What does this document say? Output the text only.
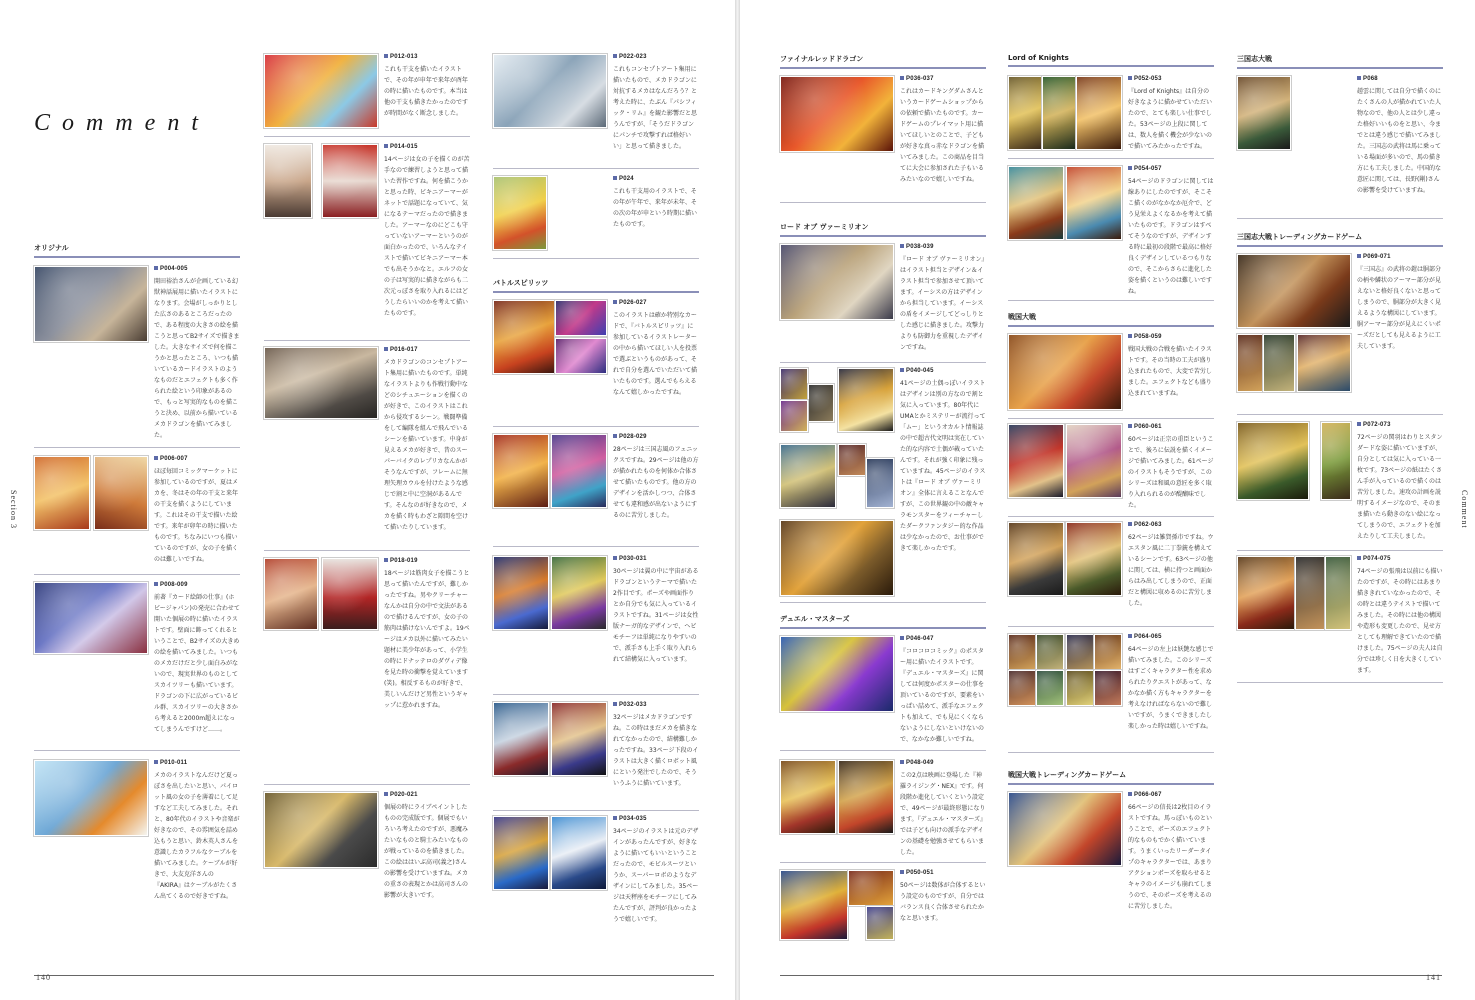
Comment
Section 3
140
オリジナル
P004-005

開田裕治さんが企画している幻獣神話展用に描いたイラストになります。会場がしっかりとした広さのあるところだったので、ある程度の大きさの絵を描こうと思ってB2サイズで描きました。大きなサイズで何を描こうかと思ったところ、いつも描いているカードイラストのようなものだとエフェクトも多く作られた絵という印象があるので、もっと写実的なものを描こうと決め、以前から描いているメカドラゴンを描いてみました。

P006-007

ほぼ毎回コミックマーケットに参加しているのですが、夏はメカを、冬はその年の干支と来年の干支を描くようにしています。これはその干支で描いた絵です。来年が卯年の時に描いたものです。ちなみにいつも描いているのですが、女の子を描くのは難しいですね。

P008-009

前著『カード絵師の仕事』(ホビージャパン)の発売に合わせて開いた個展の時に描いたイラストです。壁面に飾ってくれるということで、B2サイズの大きめの絵を描いてみました。いつものメカだけだと少し面白みがないので、現実世界のものとしてスカイツリーも描いています。ドラゴンの下に広がっているビル群、スカイツリーの大きさから考えると2000m超えになってしまうんですけど……。

P010-011

メカのイラストなんだけど夏っぽさを出したいと思い、パイロット風の女の子を薄着にして足すなど工夫してみました。それと、80年代のイラストや音楽が好きなので、その雰囲気を詰め込もうと思い、鈴木英人さんを意識したカラフルなケーブルを描いてみました。ケーブルが好きで、大友克洋さんの『AKIRA』はケーブルがたくさん出てくるので好きですね。

P012-013

これも干支を描いたイラストで、その年が申年で来年が酉年の時に描いたものです。本当は他の干支も描きたかったのですが時間がなく断念しました。

P014-015

14ページは女の子を描くのが苦手なので練習しようと思って描いた習作ですね。何を描こうかと思った時、ビキニアーマーがネットで話題になっていて、気になるテーマだったので描きました。アーマーなのにどこも守っていないアーマーというのが面白かったので、いろんなテイストで描いてビキニアーマー本でも出そうかなと。エルフの女の子は写実的に描きながらも二次元っぽさを取り入れるにはどうしたらいいのかを考えて描いたものです。

P016-017

メカドラゴンのコンセプトアート集用に描いたものです。単純なイラストよりも作戦行動中などのシチュエーションを描くのが好きで、このイラストはこれから侵攻するシーン。戦闘準備をして編隊を組んで飛んでいるシーンを描いています。中身が見えるメカが好きで、昔のスーパーバイクのレプリカなんかがそうなんですが、フレームに無理矢理カウルを付けたような感じで割と中に空洞があるんです。そんなのが好きなので、メカを描く時もわざと隙間を空けて描いたりしています。

P018-019

18ページは筋肉女子を描こうと思って描いたんですが、難しかったですね。男やクリーチャーなんかは自分の中で文法があるので描けるんですが、女の子の筋肉は描けないんですよ。19ページはメカ以外に描いてみたい題材に美少年があって、小学生の時にドナッテロのダヴィデ像を見た時の衝撃を覚えています(笑)。相反するものが好きで、美しいんだけど男性というギャップに惹かれますね。

P020-021

個展の時にライブペイントしたものの完成版です。個展でもいろいろ考えたのですが、悪魔みたいなものと騎士みたいなものが戦っているのを描きました。この絵ははいぶ高司(義之)さんの影響を受けていますね。メカの重さの表現とかは高司さんの影響が大きいです。

P022-023

これもコンセプトアート集用に描いたもので、メカドラゴンに対抗するメカはなんだろう？と考えた時に、たぶん『パシフィック・リム』を観た影響だと思うんですが、「そうだドラゴンにパンチで攻撃すれば格好いい」と思って描きました。

P024

これも干支用のイラストで、その年が午年で、来年が未年、その次の年が申という時期に描いたものです。

バトルスピリッツ
P026-027

このイラストは確か特別なカードで、『バトルスピリッツ』に参加しているイラストレーターの中から描いてほしい人を投票で選ぶというものがあって、それで自分を選んでいただいて描いたものです。選んでもらえるなんて嬉しかったですね。

P028-029

28ページは三国志風のフェニックスですね。29ページは他の方が描かれたものを何体か合体させて描いたものです。他の方のデザインを活かしつつ、合体させても違和感が出ないようにするのに苦労しました。

P030-031

30ページは翼の中に宇宙があるドラゴンというテーマで描いた2作目です。ポーズや画面作りとか自分でも気に入っているイラストですね。31ページは女性版ナーガ的なデザインで、ヘビモチーフは単純になりやすいので、派手さも上手く取り入れられて結構気に入っています。

P032-033

32ページはメカドラゴンですね。この時はまだメカを描きなれてなかったので、結構難しかったですね。33ページ下段のイラストは大きく描くロボット風にという発注でしたので、そういうふうに描いています。

P034-035

34ページのイラストは元のデザインがあったんですが、好きなように描いてもいいということだったので、モビルスーツというか、スーパーロボのようなデザインにしてみました。35ページは天秤座をモチーフにしてみたんですが、評判が良かったようで嬉しいです。

Comment
141
ファイナルレッドドラゴン
P036-037

これはカードキングダムさんというカードゲームショップからの依頼で描いたものです。カードゲームのプレイマット用に描いてほしいとのことで、子どもが好きな真っ赤なドラゴンを描いてみました。この商品を目当てに大会に参加された子もいるみたいなので嬉しいですね。

ロード オブ ヴァーミリオン
P038-039

『ロード オブ ヴァーミリオン』はイラスト担当とデザイン＆イラスト担当で参加させて頂いてます。イーシスの方はデザインから担当しています。イーシスの盾をイメージしてどっしりとした感じに描きました。攻撃力よりも防御力を重視したデザインですね。

P040-045

41ページの土偶っぽいイラストはデザインは別の方なので割と気に入っています。80年代にUMAとかミステリーが流行って「ムー」というオカルト情報誌の中で超古代文明は実在していた的な内容で土偶が載っていたんです。それが強く印象に残っていますね。45ページのイラストは『ロード オブ ヴァーミリオン』全体に言えることなんですが、この世界観の中の敵キャラモンスターをフィーチャーしたダークファンタジー的な作品は少なかったので、お仕事ができて楽しかったです。

デュエル・マスターズ
P046-047

『コロコロコミック』のポスター用に描いたイラストです。『デュエル・マスターズ』に関しては何度かポスターの仕事を頂いているのですが、要素をいっぱい詰めて、派手なエフェクトも加えて、でも見にくくならないようにしないといけないので、なかなか難しいですね。

P048-049

この2点は映画に登場した『神羅ライジング・NEX』です。何段階か進化していくという設定で、49ページが最終形態になります。『デュエル・マスターズ』では子ども向けの派手なデザインの基礎を勉強させてもらいました。

P050-051

50ページは数体が合体するという設定のものですが、自分ではバランス良く合体させられたかなと思います。

Lord of Knights
P052-053

『Lord of Knights』は自分の好きなように描かせていただいたので、とても楽しい仕事でした。53ページの上段に関しては、数人を描く機会が少ないので描いてみたかったですね。

P054-057

54ページのドラゴンに関しては線ありにしたのですが、そこそこ描くのがなかなか厄介で、どう見栄えよくなるかを考えて描いたものです。ドラゴンはすべてそうなのですが、デザインする時に最初の段階で最高に格好良くデザインしているつもりなので、そこからさらに進化した姿を描くというのは難しいですね。

戦国大戦
P058-059

戦国大戦の合戦を描いたイラストです。その当時の工夫が盛り込まれたもので、大変で苦労しました。エフェクトなども盛り込まれていますね。

P060-061

60ページは正宗の重臣ということで、後ろに伝説を描くイメージで描いてみました。61ページのイラストもそうですが、このシリーズは和風の意匠を多く取り入れられるのが醍醐味でした。

P062-063

62ページは雑賀孫市ですね。ウエスタン風に二丁拳銃を構えているシーンです。63ページの他に関しては、横に持つと画面からはみ出してしまうので、正面だと構図に収めるのに苦労しました。

P064-065

64ページの左上は妖艶な感じで描いてみました。このシリーズはすごくキャラクター性を求められたりクエストがあって、なかなか描く方もキャラクターを考えなければならないので難しいですが、うまくできましたし楽しかった時は嬉しいですね。

戦国大戦トレーディングカードゲーム
P066-067

66ページの信長は2枚目のイラストですね。馬っぽいものということで、ポーズのエフェクト的なものもでかく描いています。うまくいったリーダータイプのキャラクターでは、あまりアクションポーズを取らせるとキャラのイメージも崩れてしまうので、そのポーズを考えるのに苦労しました。

三国志大戦
P068

趙雲に関しては自分で描くのにたくさんの人が描かれていた人物なので、他の人とは少し違った格好いいものをと思い、今までとは違う感じで描いてみました。三国志の武将は馬に乗っている場面が多いので、馬の描き方にも工夫しました。中国的な意匠に関しては、長野(剛)さんの影響を受けていますね。

三国志大戦トレーディングカードゲーム
P069-071

『三国志』の武将の鎧は胴部分の柄や鱗状のアーマー部分が見えないと格好良くないと思ってしまうので、胴部分が大きく見えるような構図にしています。胴アーマー部分が見えにくいポーズだとしても見えるように工夫しています。

P072-073

72ページの関羽はわりとスタンダードな姿に描いていますが、自分としては気に入っている一枚です。73ページの紙はたくさん手が入っているので描くのは苦労しました。速攻の計画を説明するイメージなので、そのまま描いたら動きのない絵になってしまうので、エフェクトを加えたりして工夫しました。

P074-075

74ページの張飛は以前にも描いたのですが、その時にはあまり描ききれていなかったので、その時とは違うテイストで描いてみました。その時には他の構図や造形も変更したので、見せ方としても理解できていたので描けました。75ページの夫人は自分では珍しく日を大きくしています。
